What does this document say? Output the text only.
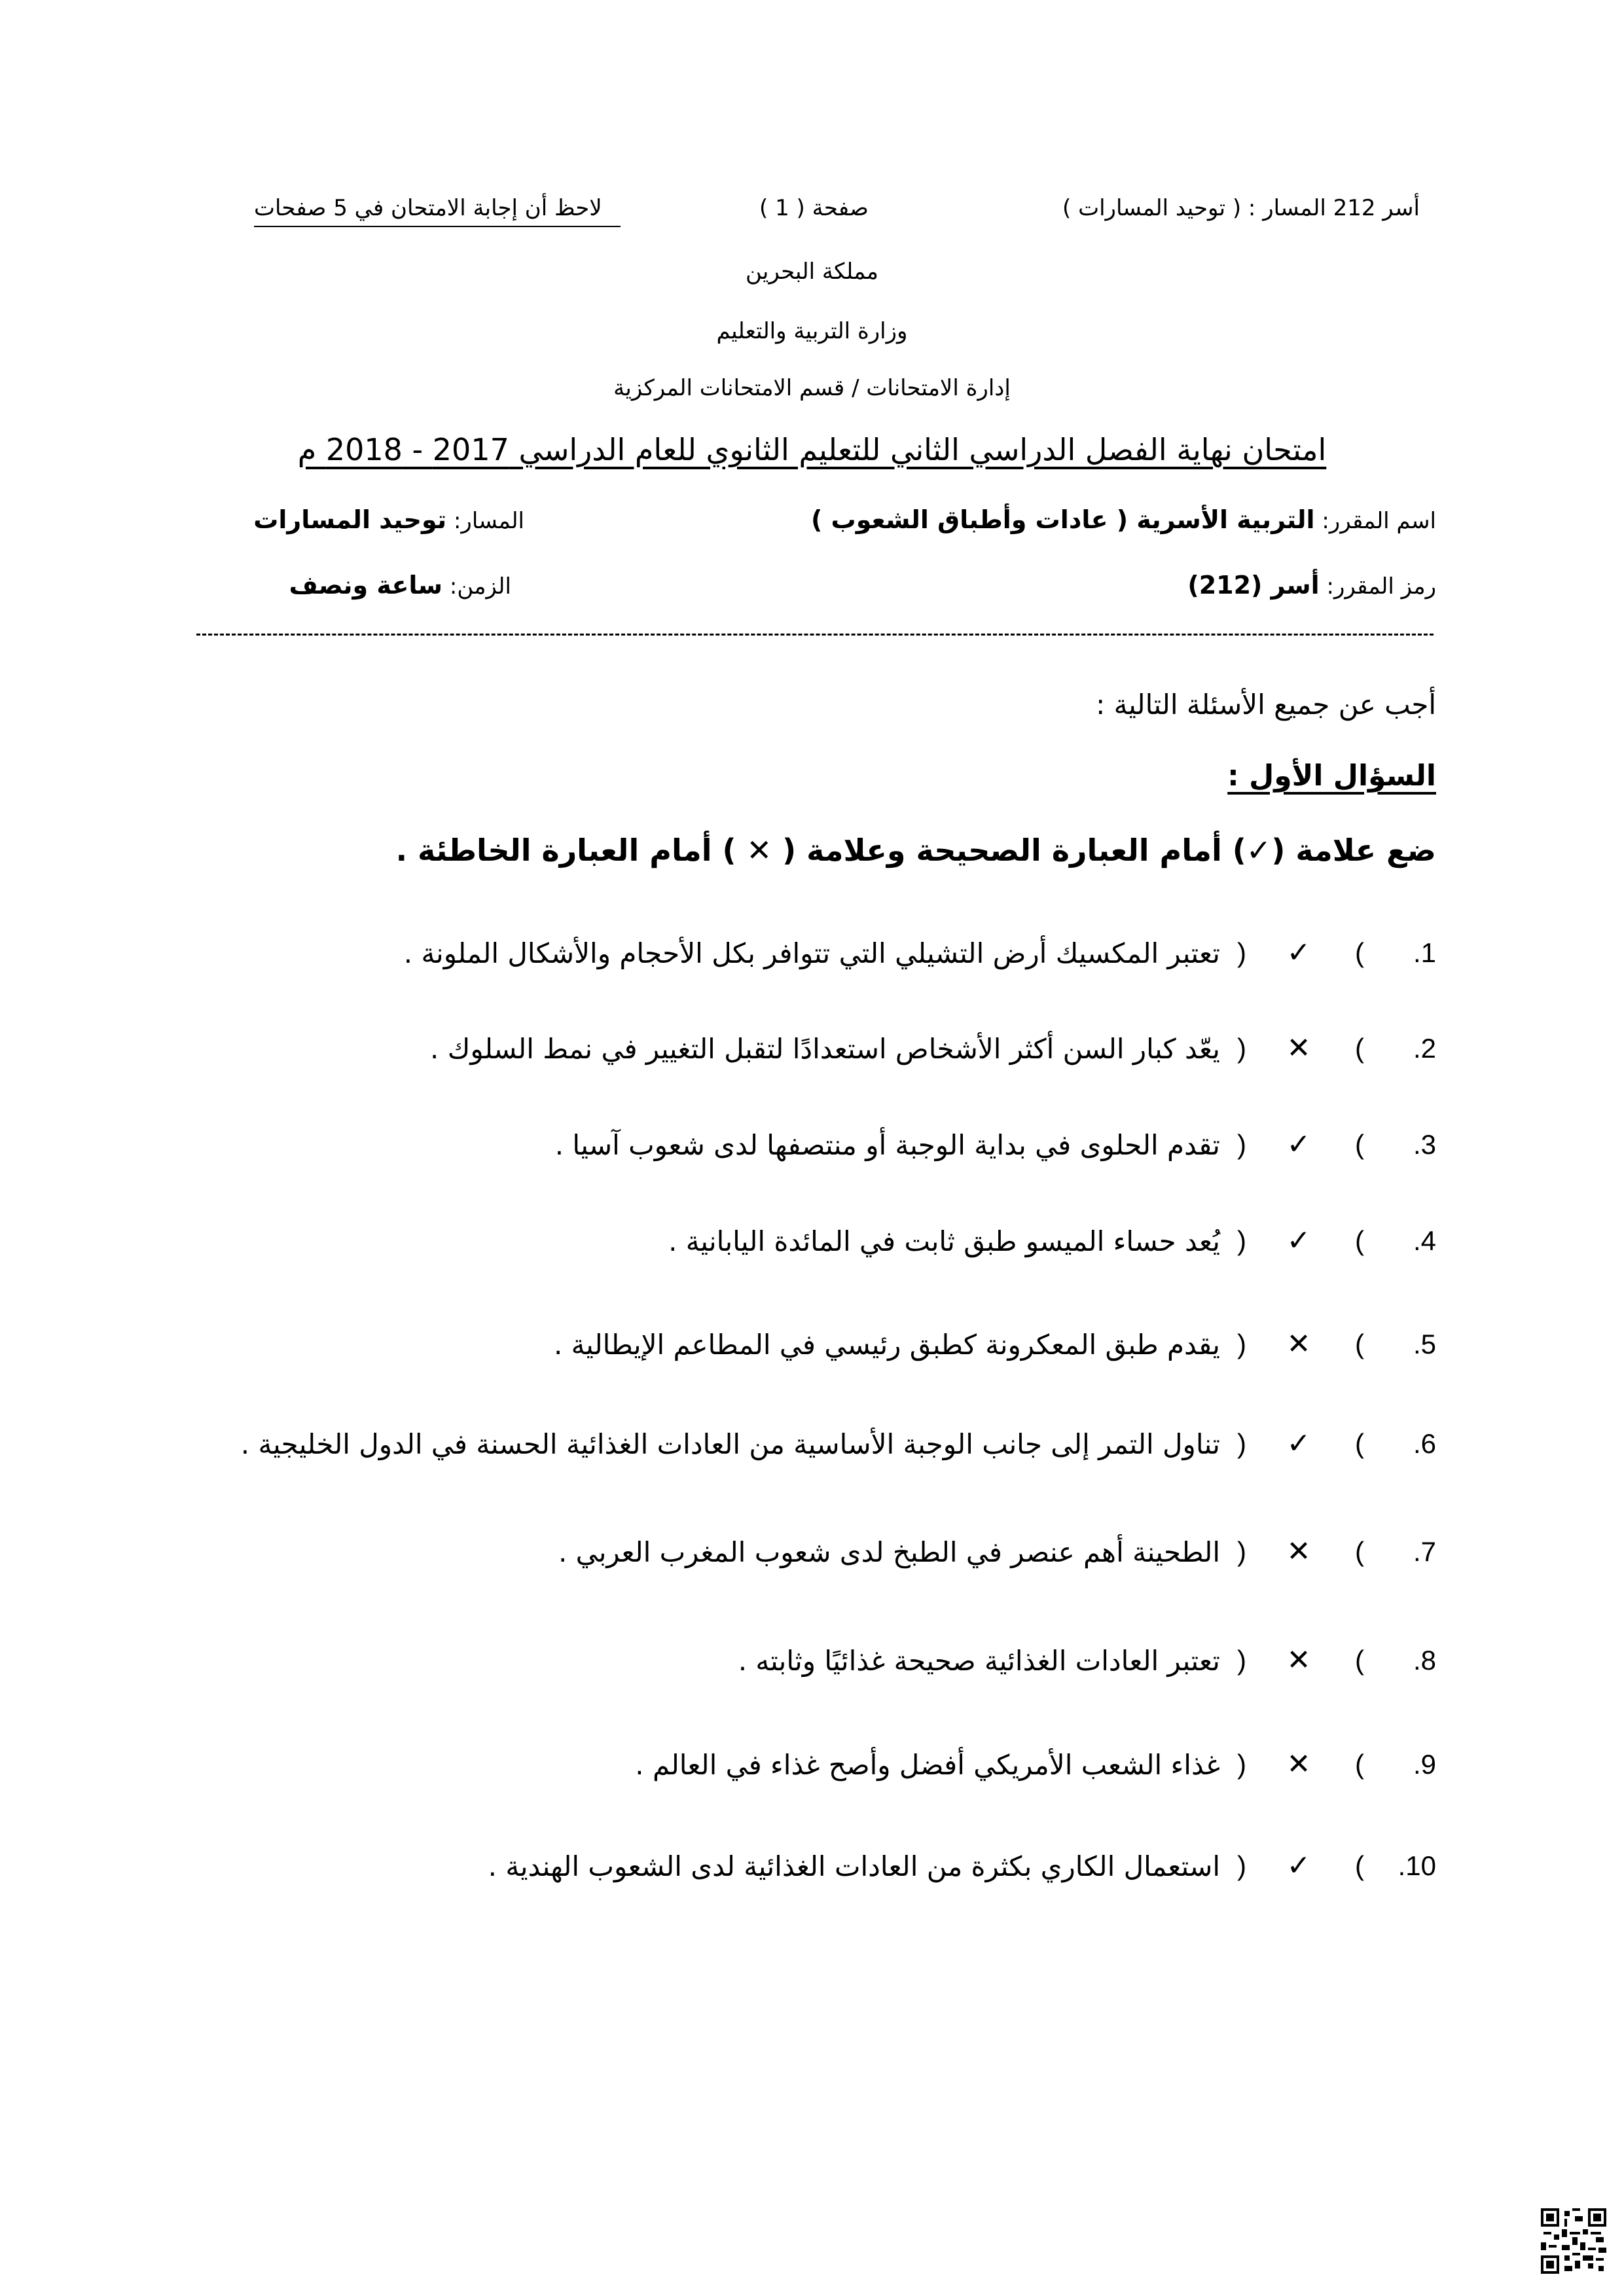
أسر 212 المسار : ( توحيد المسارات )
صفحة ( 1 )
لاحظ أن إجابة الامتحان في 5 صفحات
مملكة البحرين
وزارة التربية والتعليم
إدارة الامتحانات / قسم الامتحانات المركزية
امتحان نهاية الفصل الدراسي الثاني للتعليم الثانوي للعام الدراسي 2017 - 2018 م
اسم المقرر: التربية الأسرية ( عادات وأطباق الشعوب )
المسار: توحيد المسارات
رمز المقرر: أسر (212)
الزمن: ساعة ونصف
أجب عن جميع الأسئلة التالية :
السؤال الأول :
ضع علامة (✓) أمام العبارة الصحيحة وعلامة ( ✕ ) أمام العبارة الخاطئة .
.1
(
✓
)
تعتبر المكسيك أرض التشيلي التي تتوافر بكل الأحجام والأشكال الملونة .
.2
(
✕
)
يعّد كبار السن أكثر الأشخاص استعدادًا لتقبل التغيير في نمط السلوك .
.3
(
✓
)
تقدم الحلوى في بداية الوجبة أو منتصفها لدى شعوب آسيا .
.4
(
✓
)
يُعد حساء الميسو طبق ثابت في المائدة اليابانية .
.5
(
✕
)
يقدم طبق المعكرونة كطبق رئيسي في المطاعم الإيطالية .
.6
(
✓
)
تناول التمر إلى جانب الوجبة الأساسية من العادات الغذائية الحسنة في الدول الخليجية .
.7
(
✕
)
الطحينة أهم عنصر في الطبخ لدى شعوب المغرب العربي .
.8
(
✕
)
تعتبر العادات الغذائية صحيحة غذائيًا وثابته .
.9
(
✕
)
غذاء الشعب الأمريكي أفضل وأصح غذاء في العالم .
.10
(
✓
)
استعمال الكاري بكثرة من العادات الغذائية لدى الشعوب الهندية .
